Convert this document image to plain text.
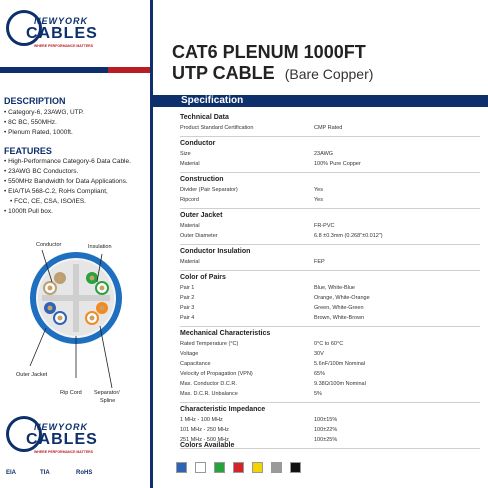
NEWYORK
CABLES
WHERE PERFORMANCE MATTERS	CAT6 PLENUM 1000FT
UTP CABLE (Bare Copper)
Specification
DESCRIPTION
• Category-6, 23AWG, UTP.
• 8C BC, 550MHz.
• Plenum Rated, 1000ft.
FEATURES
• High-Performance Category-6 Data Cable.
• 23AWG BC Conductors.
• 550MHz Bandwidth for Data Applications.
• EIA/TIA 568-C.2, RoHs Compliant,
• FCC, CE, CSA, ISO/IES.
• 1000ft Pull box.
Conductor	Insulation
Outer Jacket
Rip Cord Separator/
Spline
NEWYORK
CABLES
WHERE PERFORMANCE MATTERS
EIA	TIA	RoHS
Technical Data
Product Standard Certification	CMP Rated
Conductor
Size	23AWG
Material	100% Pure Copper
Construction
Divider (Pair Separator)	Yes
Ripcord	Yes
Outer Jacket
Material	FR-PVC
Outer Diameter	6.8 ±0.3mm (0.268"±0.012")
Conductor Insulation
Material	FEP
Color of Pairs
Pair 1	Blue, White-Blue
Pair 2	Orange, White-Orange
Pair 3	Green, White-Green
Pair 4	Brown, White-Brown
Mechanical Characteristics
Rated Temperature (°C)	0°C to 60°C
Voltage	30V
Capacitance	5.6nF/100m Nominal
Velocity of Propagation (VPN)	65%
Max. Conductor D.C.R.	9.38Ω/100m Nominal
Max. D.C.R. Unbalance	5%
Characteristic Impedance
1 MHz - 100 MHz	100±15%
101 MHz - 250 MHz	100±22%
251 MHz - 500 MHz	100±25%
Colors Available
